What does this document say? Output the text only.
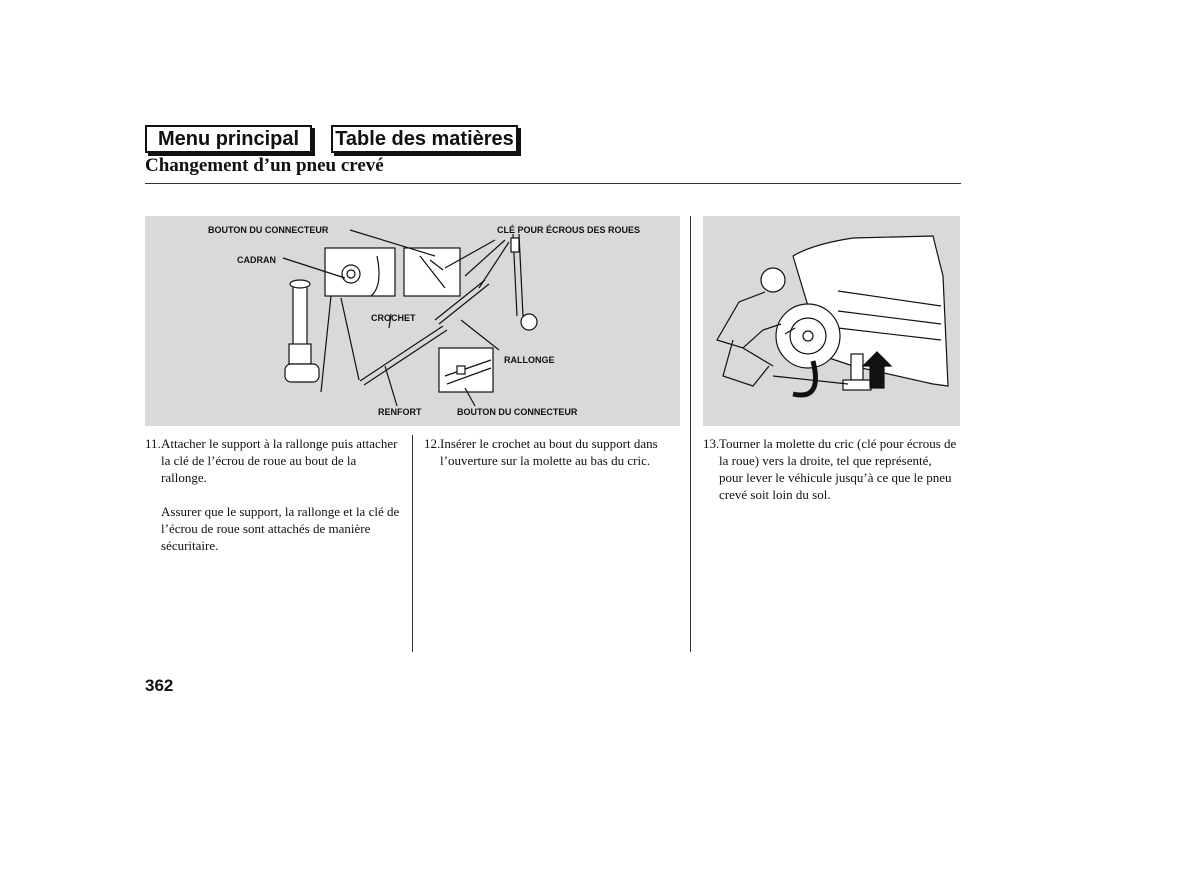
Menu principal	Table des matières
Changement d’un pneu crevé
BOUTON DU CONNECTEUR	CLÉ POUR ÉCROUS DES ROUES
CADRAN
CROCHET
RALLONGE
RENFORT	BOUTON DU CONNECTEUR
11. Attacher le support à la rallonge puis attacher la clé de l’écrou de roue au bout de la rallonge.

Assurer que le support, la rallonge et la clé de l’écrou de roue sont attachés de manière sécuritaire.

12. Insérer le crochet au bout du support dans l’ouverture sur la molette au bas du cric.

13. Tourner la molette du cric (clé pour écrous de la roue) vers la droite, tel que représenté, pour lever le véhicule jusqu’à ce que le pneu crevé soit loin du sol.

362
